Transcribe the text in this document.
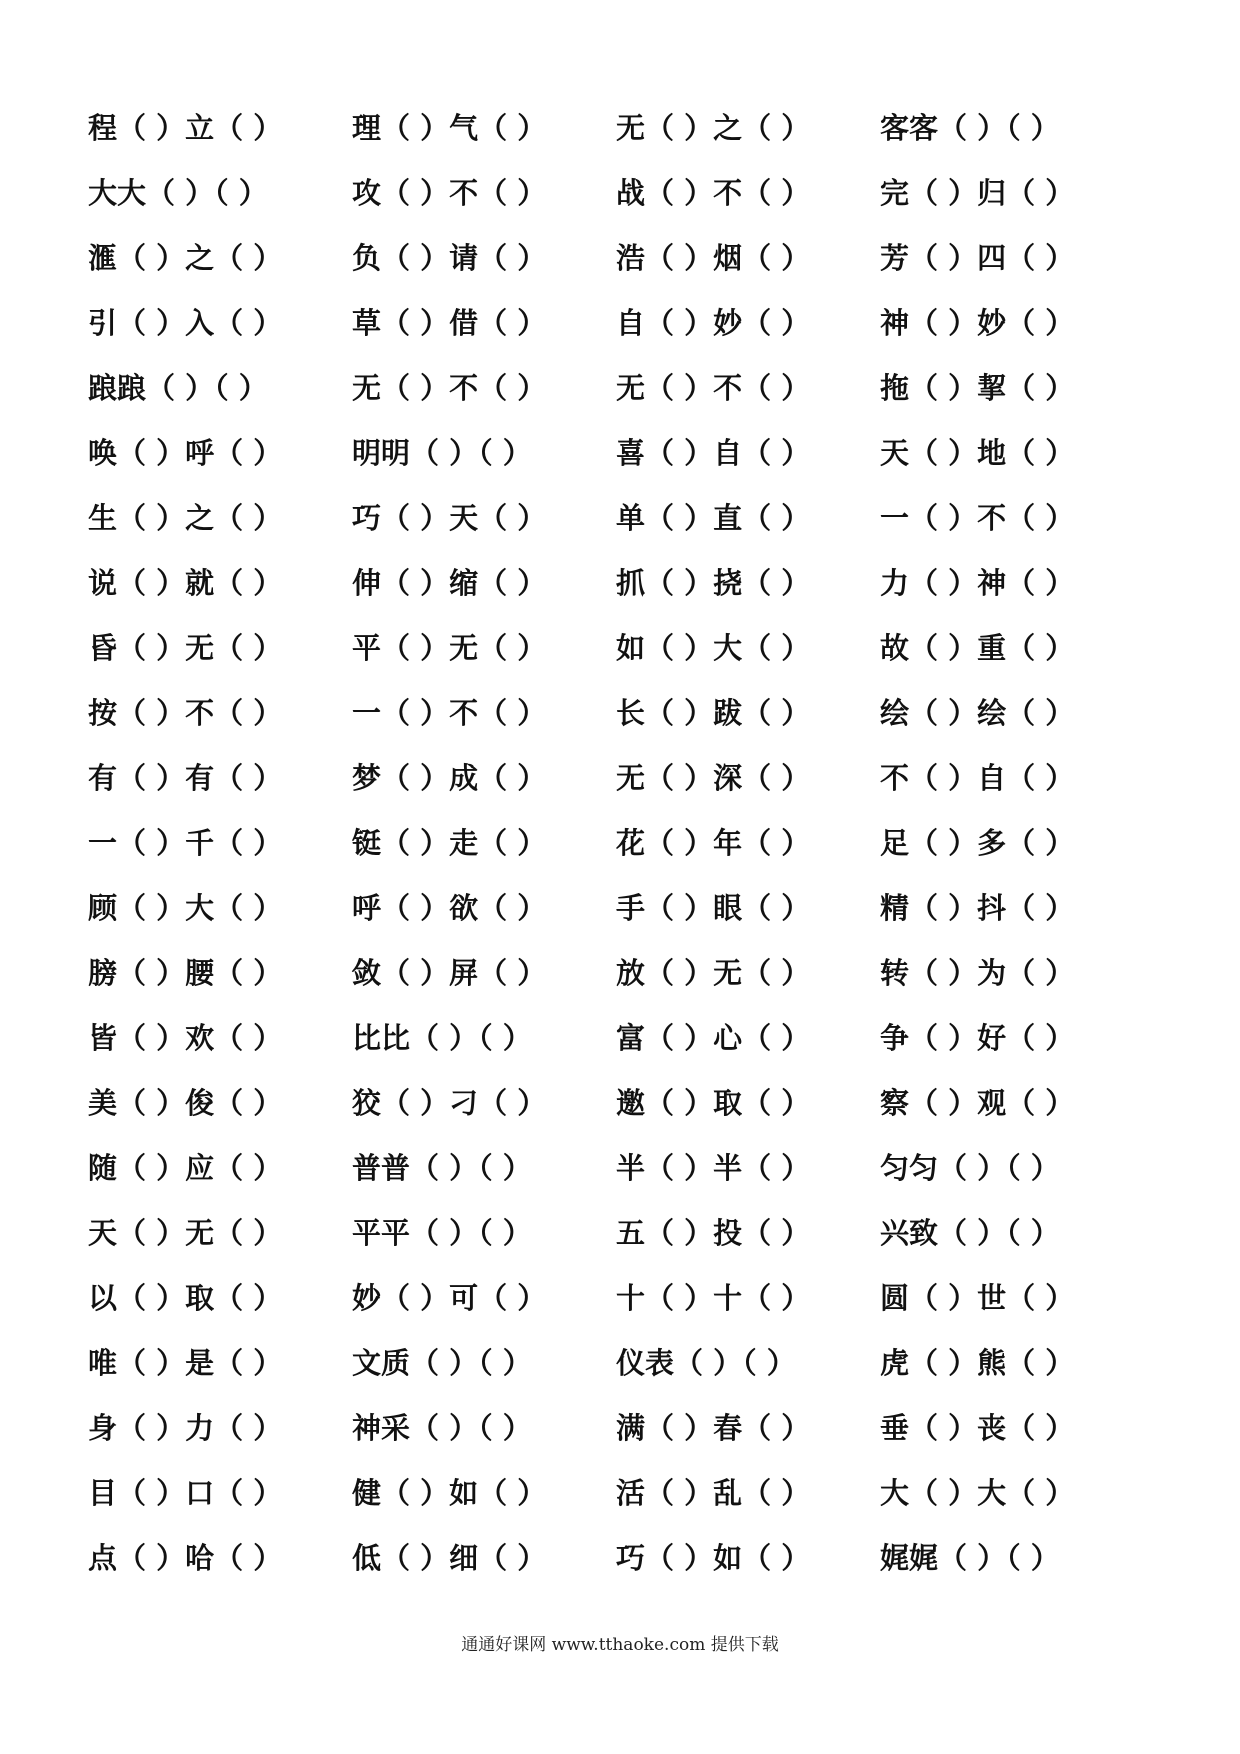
程（ ）立（ ）	理（ ）气（ ）	无（ ）之（ ）	客客（ ）（ ）
大大（ ）（ ）	攻（ ）不（ ）	战（ ）不（ ）	完（ ）归（ ）
滙（ ）之（ ）	负（ ）请（ ）	浩（ ）烟（ ）	芳（ ）四（ ）
引（ ）入（ ）	草（ ）借（ ）	自（ ）妙（ ）	神（ ）妙（ ）
踉踉（ ）（ ）	无（ ）不（ ）	无（ ）不（ ）	拖（ ）挈（ ）
唤（ ）呼（ ）	明明（ ）（ ）	喜（ ）自（ ）	天（ ）地（ ）
生（ ）之（ ）	巧（ ）天（ ）	单（ ）直（ ）	一（ ）不（ ）
说（ ）就（ ）	伸（ ）缩（ ）	抓（ ）挠（ ）	力（ ）神（ ）
昏（ ）无（ ）	平（ ）无（ ）	如（ ）大（ ）	故（ ）重（ ）
按（ ）不（ ）	一（ ）不（ ）	长（ ）跋（ ）	绘（ ）绘（ ）
有（ ）有（ ）	梦（ ）成（ ）	无（ ）深（ ）	不（ ）自（ ）
一（ ）千（ ）	铤（ ）走（ ）	花（ ）年（ ）	足（ ）多（ ）
顾（ ）大（ ）	呼（ ）欲（ ）	手（ ）眼（ ）	精（ ）抖（ ）
膀（ ）腰（ ）	敛（ ）屏（ ）	放（ ）无（ ）	转（ ）为（ ）
皆（ ）欢（ ）	比比（ ）（ ）	富（ ）心（ ）	争（ ）好（ ）
美（ ）俊（ ）	狡（ ）刁（ ）	邀（ ）取（ ）	察（ ）观（ ）
随（ ）应（ ）	普普（ ）（ ）	半（ ）半（ ）	匀匀（ ）（ ）
天（ ）无（ ）	平平（ ）（ ）	五（ ）投（ ）	兴致（ ）（ ）
以（ ）取（ ）	妙（ ）可（ ）	十（ ）十（ ）	圆（ ）世（ ）
唯（ ）是（ ）	文质（ ）（ ）	仪表（ ）（ ）	虎（ ）熊（ ）
身（ ）力（ ）	神采（ ）（ ）	满（ ）春（ ）	垂（ ）丧（ ）
目（ ）口（ ）	健（ ）如（ ）	活（ ）乱（ ）	大（ ）大（ ）
点（ ）哈（ ）	低（ ）细（ ）	巧（ ）如（ ）	娓娓（ ）（ ）
通通好课网 www.tthaoke.com 提供下载
